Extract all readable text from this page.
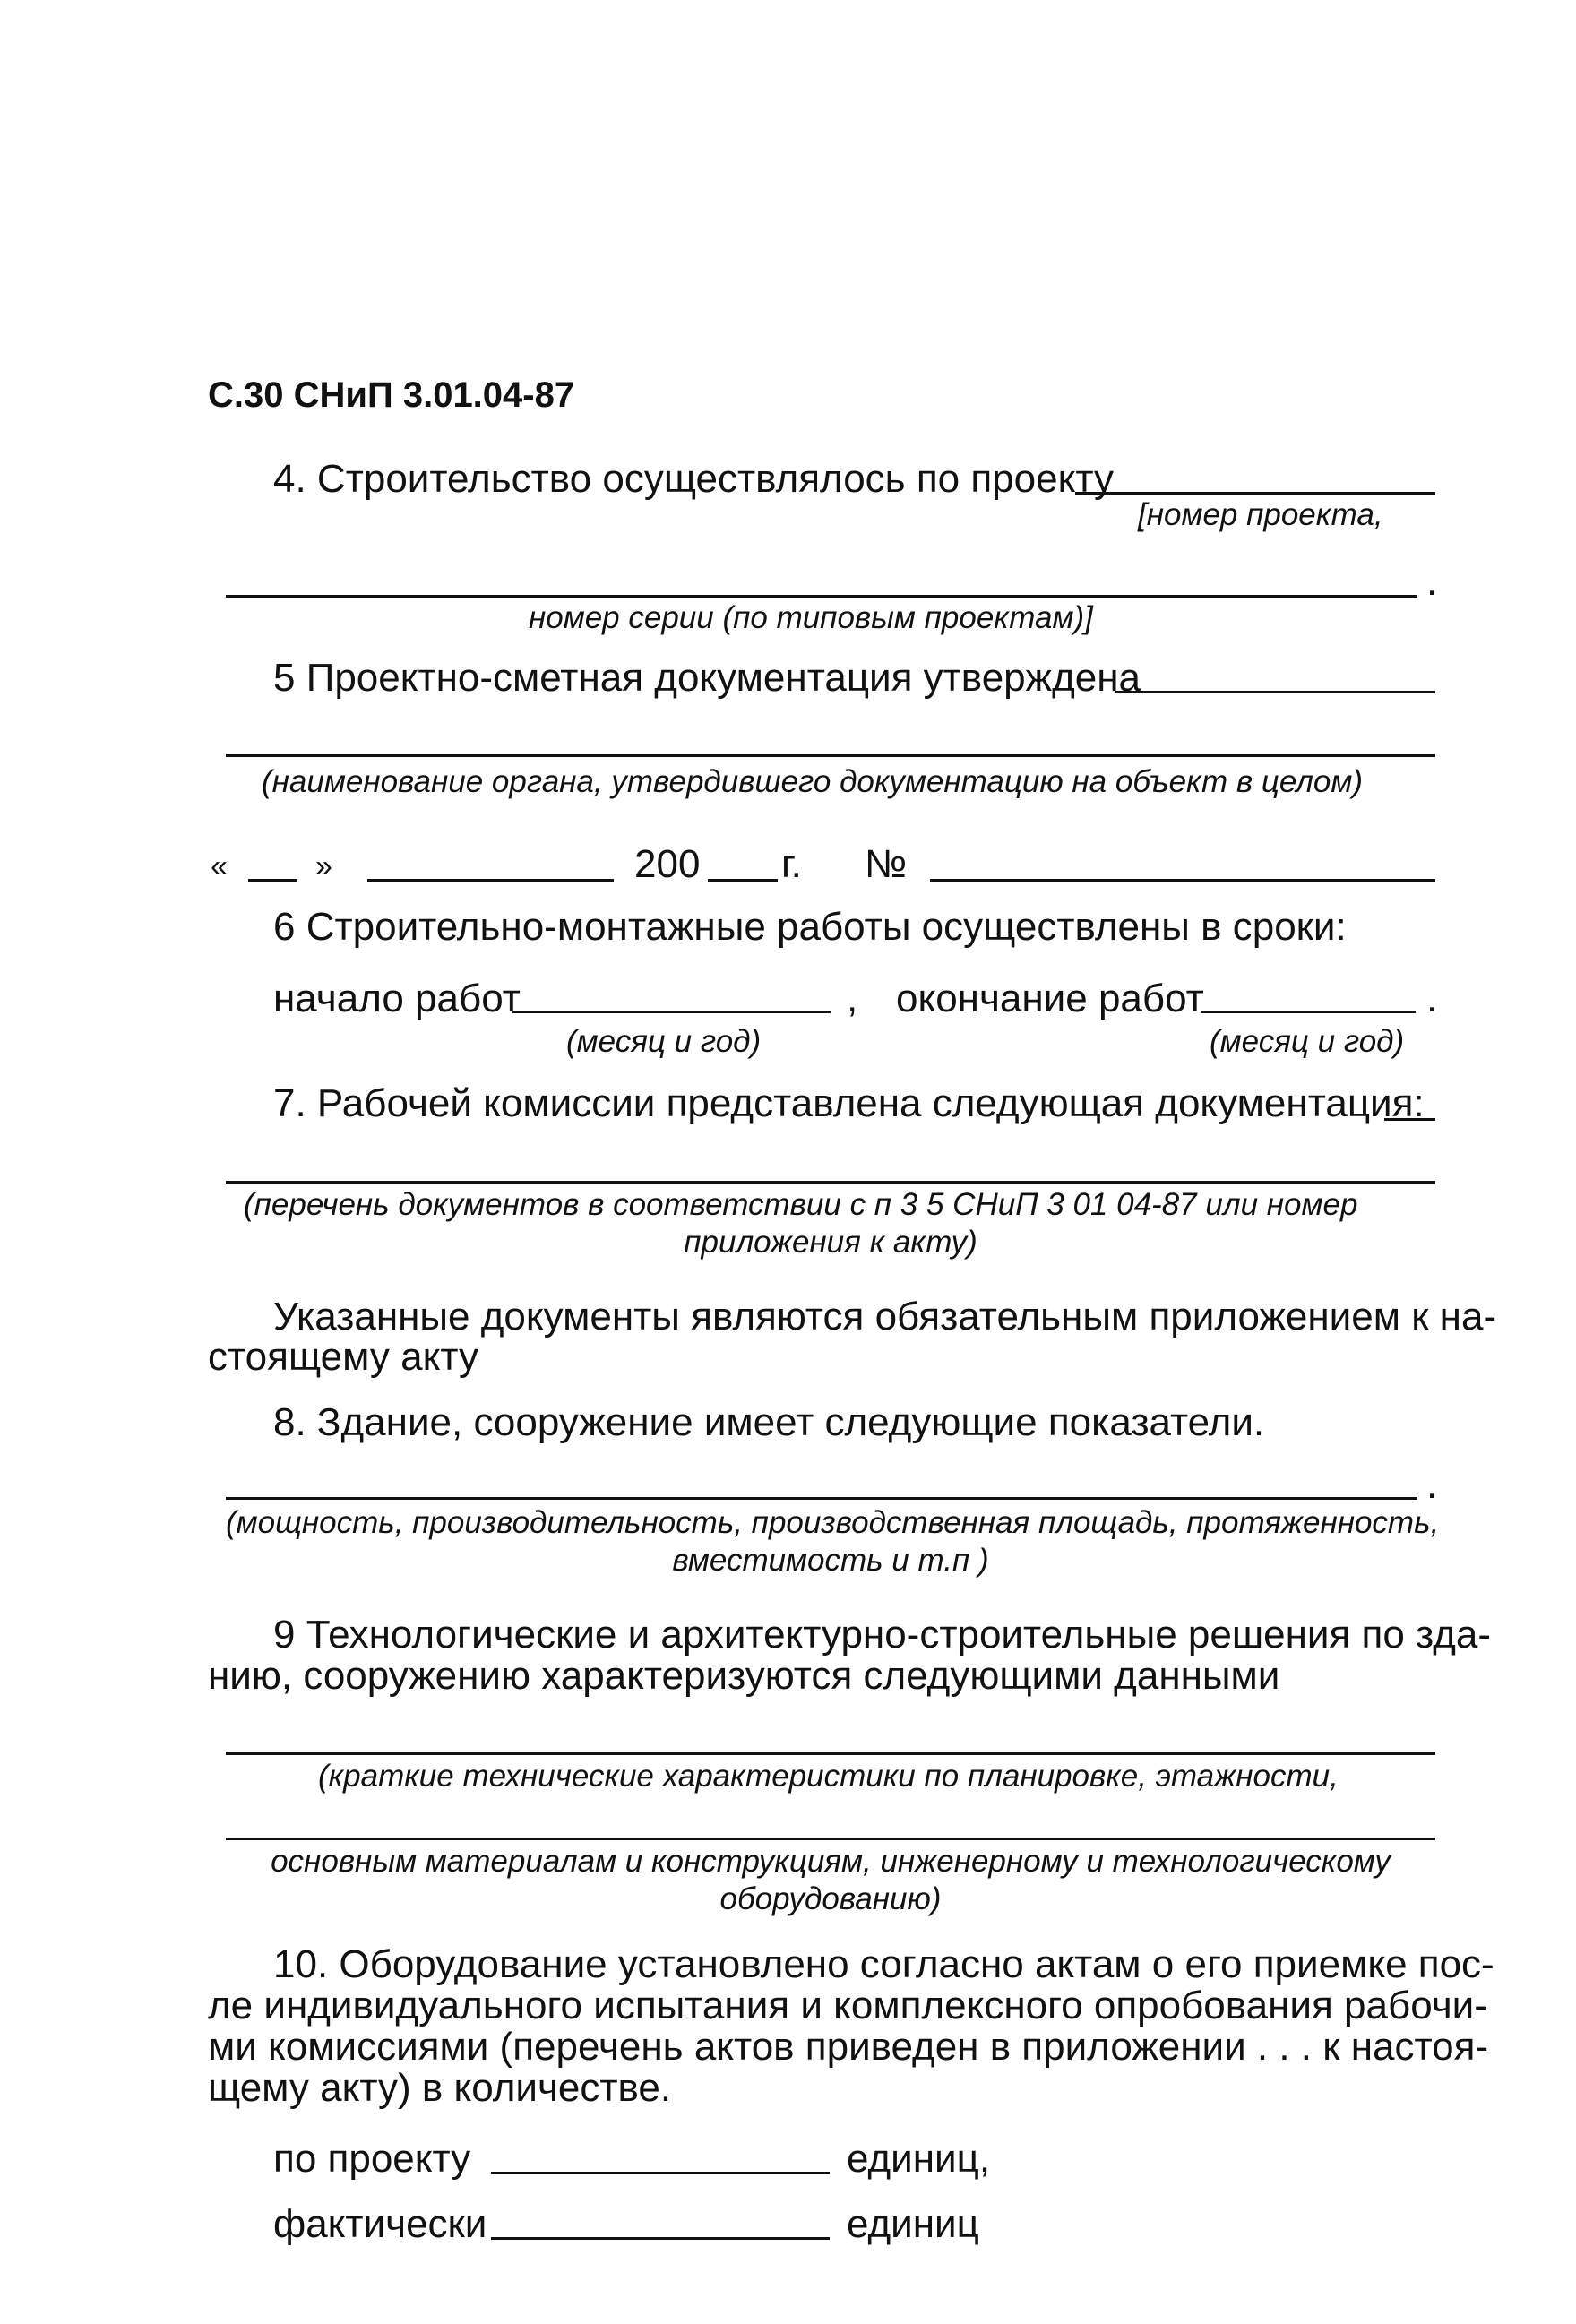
С.30 СНиП 3.01.04-87
4. Строительство осуществлялось по проекту
[номер проекта,
.
номер серии (по типовым проектам)]
5 Проектно-сметная документация утверждена
(наименование органа, утвердившего документацию на объект в целом)
«	»	200 г. №
6 Строительно-монтажные работы осуществлены в сроки:
начало работ	, окончание работ	.
(месяц и год)	(месяц и год)
7. Рабочей комиссии представлена следующая документация:
(перечень документов в соответствии с п 3 5 СНиП 3 01 04-87 или номер
приложения к акту)
Указанные документы являются обязательным приложением к на-
стоящему акту
8. Здание, сооружение имеет следующие показатели.
.
(мощность, производительность, производственная площадь, протяженность,
вместимость и т.п )
9 Технологические и архитектурно-строительные решения по зда-
нию, сооружению характеризуются следующими данными
(краткие технические характеристики по планировке, этажности,
основным материалам и конструкциям, инженерному и технологическому
оборудованию)
10. Оборудование установлено согласно актам о его приемке пос-
ле индивидуального испытания и комплексного опробования рабочи-
ми комиссиями (перечень актов приведен в приложении . . . к настоя-
щему акту) в количестве.
по проекту	единиц,
фактически	единиц
